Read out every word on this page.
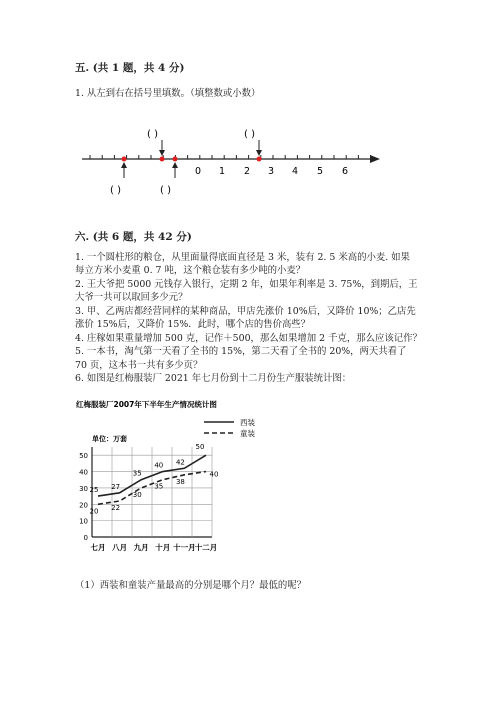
五. (共 1 题，共 4 分)
1. 从左到右在括号里填数。（填整数或小数）
( )	( )
( )	( )
0 1 2 3 4 5 6
六. (共 6 题，共 42 分)
1. 一个圆柱形的粮仓，从里面量得底面直径是 3 米，装有 2. 5 米高的小麦. 如果
每立方米小麦重 0. 7 吨，这个粮仓装有多少吨的小麦？
2. 王大爷把 5000 元钱存入银行，定期 2 年，如果年利率是 3. 75%，到期后，王
大爷一共可以取回多少元？
3. 甲、乙两店都经营同样的某种商品，甲店先涨价 10%后，又降价 10%；乙店先
涨价 15%后，又降价 15%．此时，哪个店的售价高些？
4. 庄稼如果重量增加 500 克，记作＋500，那么如果增加 2 千克，那么应该记作？
5. 一本书，淘气第一天看了全书的 15%，第二天看了全书的 20%，两天共看了
70 页，这本书一共有多少页？
6. 如图是红梅服装厂 2021 年七月份到十二月份生产服装统计图：
红梅服装厂2007年下半年生产情况统计图
单位：万套
西装
童装
0
10
20
30
40
50
七月 八月 九月 十月 十一月 十二月
25 27
35
40 42
50
20 22
30
35
38
40
（1）西装和童装产量最高的分别是哪个月？最低的呢？
